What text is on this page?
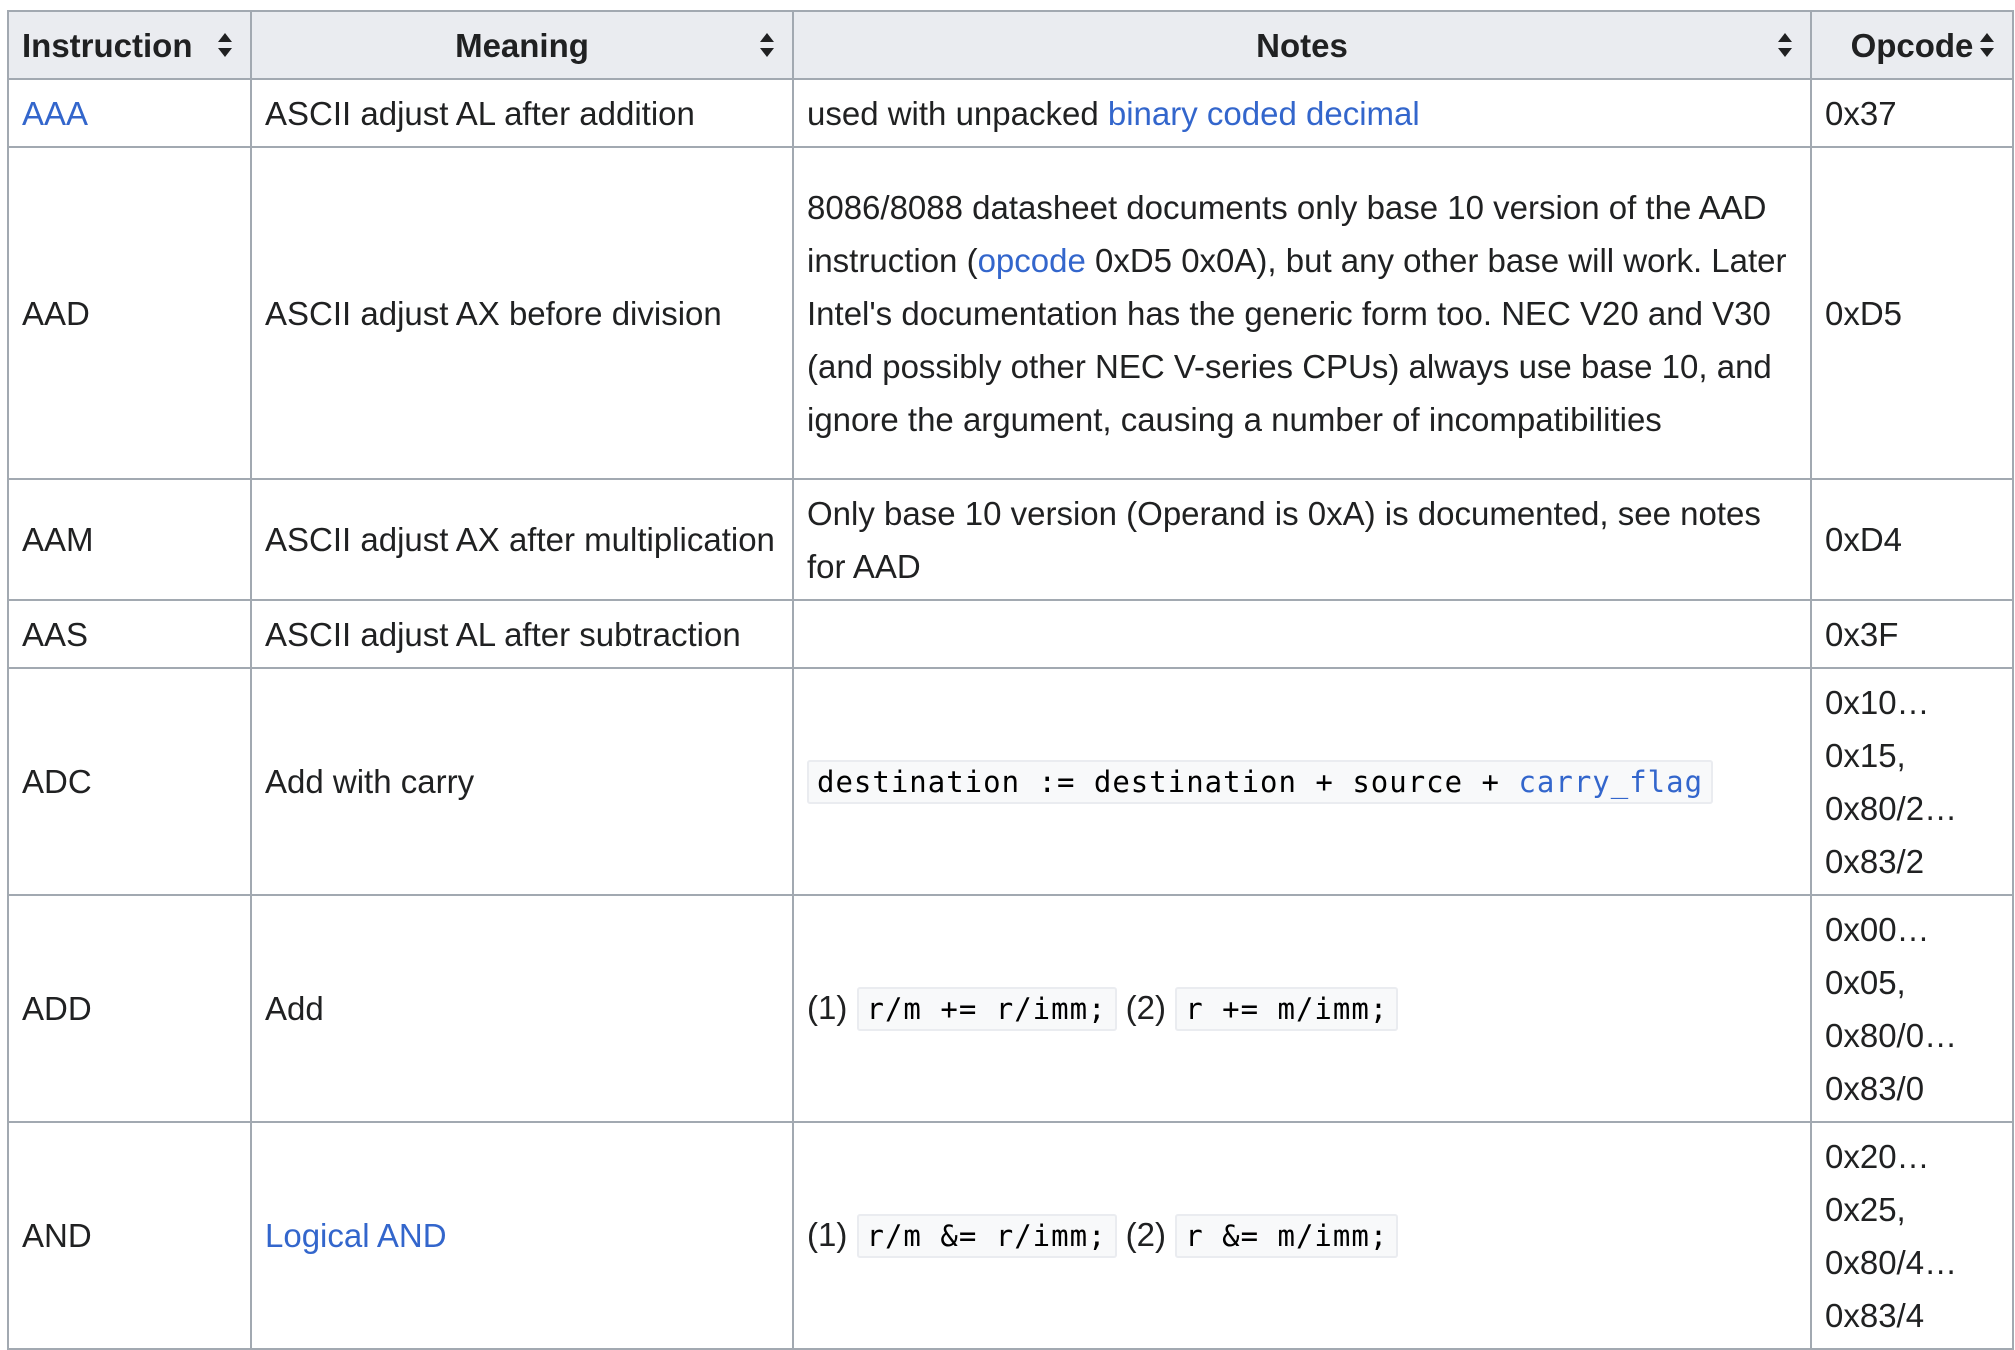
Instruction	Meaning	Notes	Opcode

AAA	ASCII adjust AL after addition	used with unpacked binary coded decimal	0x37

AAD	ASCII adjust AX before division	8086/8088 datasheet documents only base 10 version of the AAD instruction (opcode 0xD5 0x0A), but any other base will work. Later Intel's documentation has the generic form too. NEC V20 and V30 (and possibly other NEC V-series CPUs) always use base 10, and ignore the argument, causing a number of incompatibilities	0xD5

AAM	ASCII adjust AX after multiplication	Only base 10 version (Operand is 0xA) is documented, see notes for AAD	0xD4

AAS	ASCII adjust AL after subtraction		0x3F

ADC	Add with carry	destination := destination + source + carry_flag	0x10…
0x15,
0x80/2…
0x83/2

ADD	Add	(1) r/m += r/imm; (2) r += m/imm;	0x00…
0x05,
0x80/0…
0x83/0

AND	Logical AND	(1) r/m &= r/imm; (2) r &= m/imm;	0x20…
0x25,
0x80/4…
0x83/4
